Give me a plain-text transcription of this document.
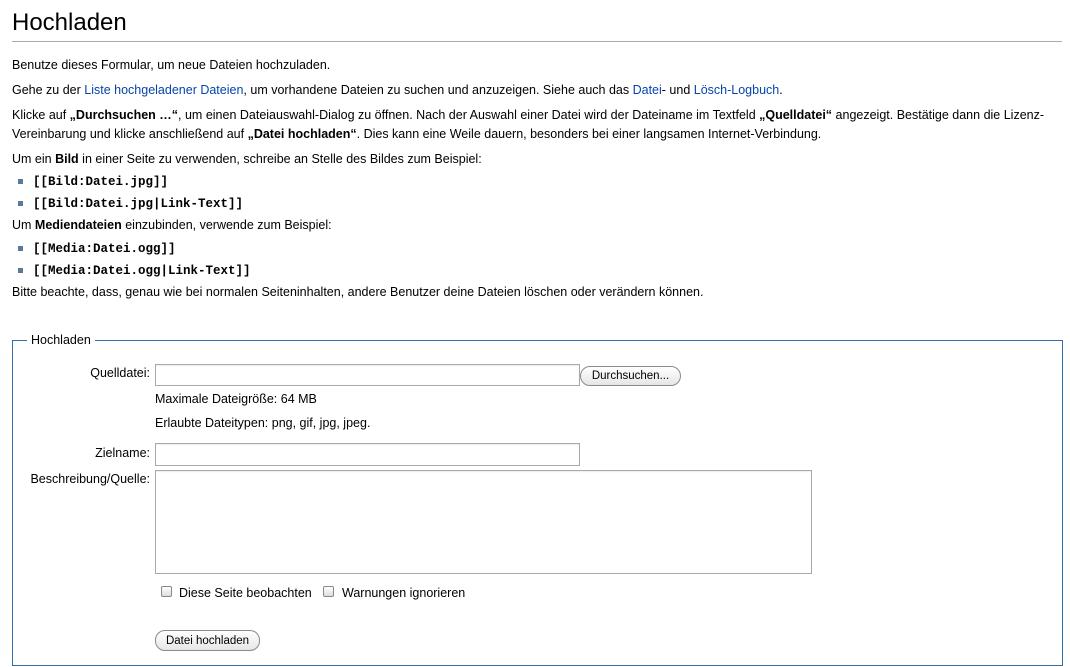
Hochladen

Benutze dieses Formular, um neue Dateien hochzuladen.

Gehe zu der Liste hochgeladener Dateien, um vorhandene Dateien zu suchen und anzuzeigen. Siehe auch das Datei- und Lösch-Logbuch.

Klicke auf „Durchsuchen …“, um einen Dateiauswahl-Dialog zu öffnen. Nach der Auswahl einer Datei wird der Dateiname im Textfeld „Quelldatei“ angezeigt. Bestätige dann die Lizenz-Vereinbarung und klicke anschließend auf „Datei hochladen“. Dies kann eine Weile dauern, besonders bei einer langsamen Internet-Verbindung.

Um ein Bild in einer Seite zu verwenden, schreibe an Stelle des Bildes zum Beispiel:

[[Bild:Datei.jpg]]
[[Bild:Datei.jpg|Link-Text]]

Um Mediendateien einzubinden, verwende zum Beispiel:

[[Media:Datei.ogg]]
[[Media:Datei.ogg|Link-Text]]

Bitte beachte, dass, genau wie bei normalen Seiteninhalten, andere Benutzer deine Dateien löschen oder verändern können.

Hochladen
Quelldatei:	Durchsuchen...
Maximale Dateigröße: 64 MB
Erlaubte Dateitypen: png, gif, jpg, jpeg.
Zielname:
Beschreibung/Quelle:
Diese Seite beobachten Warnungen ignorieren
Datei hochladen
